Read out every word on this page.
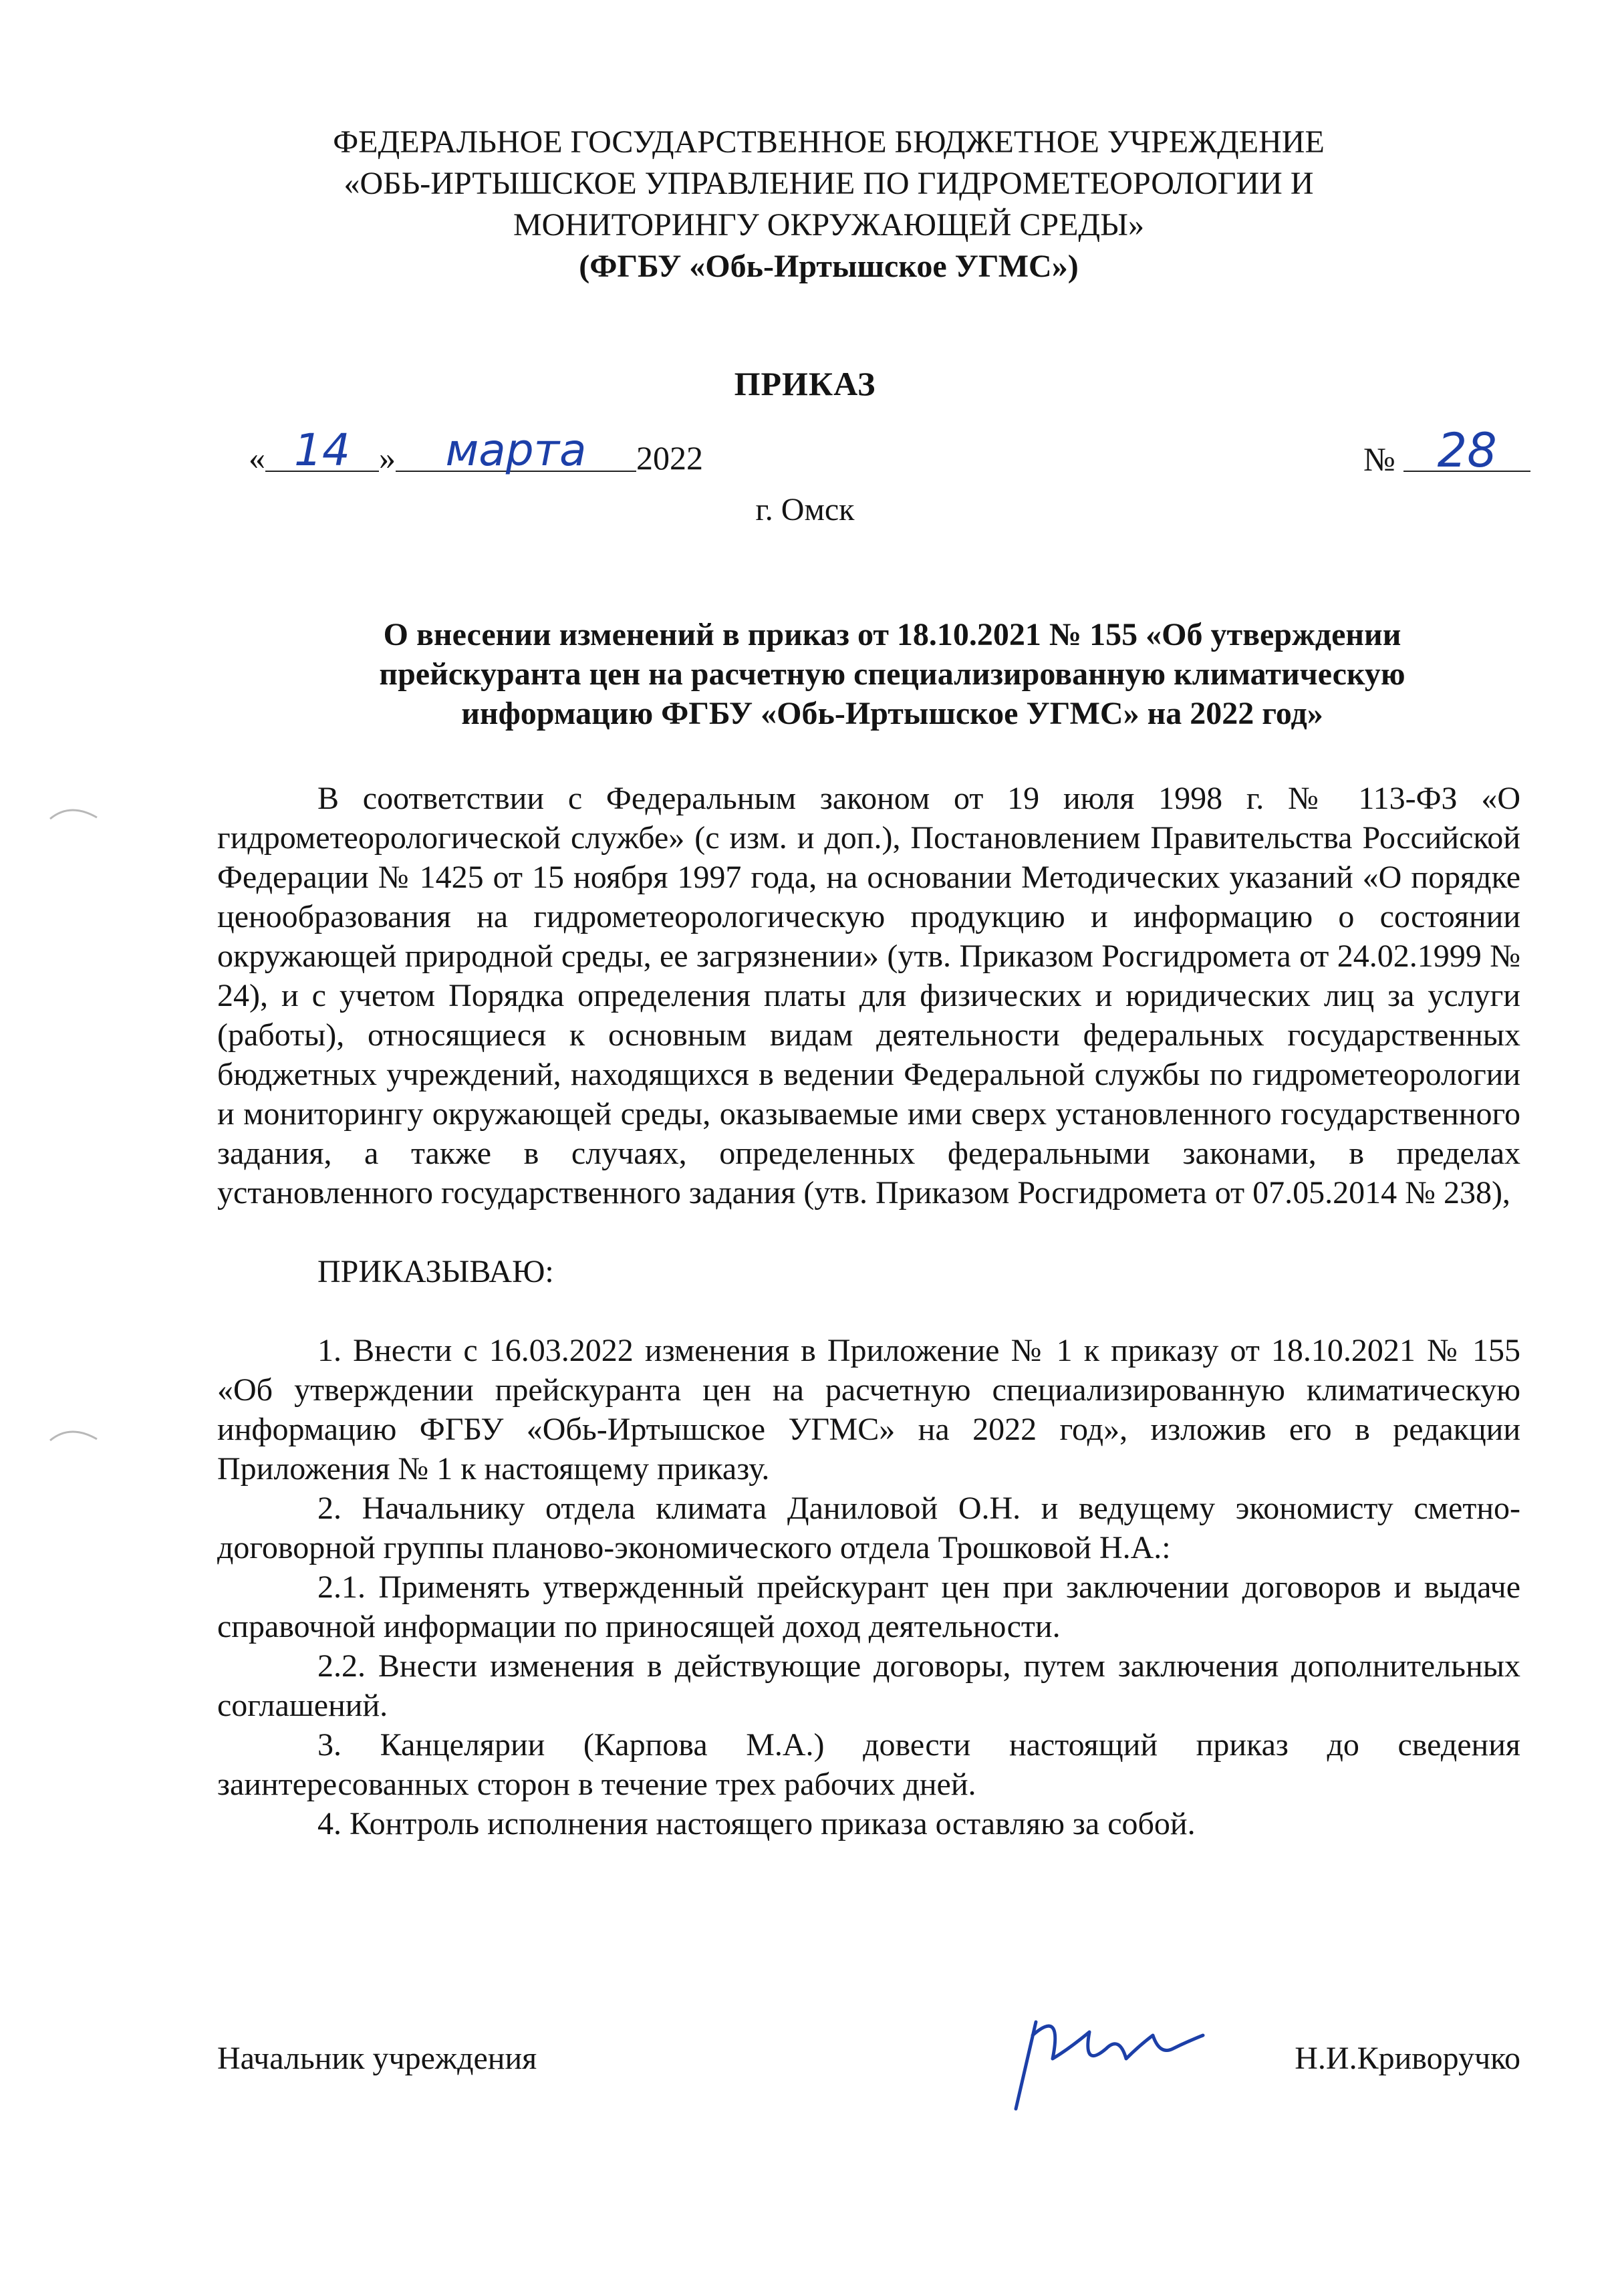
ФЕДЕРАЛЬНОЕ ГОСУДАРСТВЕННОЕ БЮДЖЕТНОЕ УЧРЕЖДЕНИЕ
«ОБЬ-ИРТЫШСКОЕ УПРАВЛЕНИЕ ПО ГИДРОМЕТЕОРОЛОГИИ И
МОНИТОРИНГУ ОКРУЖАЮЩЕЙ СРЕДЫ»
(ФГБУ «Обь-Иртышское УГМС»)
ПРИКАЗ
« 14 » марта 2022	№ 28
г. Омск
О внесении изменений в приказ от 18.10.2021 № 155 «Об утверждении
прейскуранта цен на расчетную специализированную климатическую
информацию ФГБУ «Обь-Иртышское УГМС» на 2022 год»

В соответствии с Федеральным законом от 19 июля 1998 г. № 113-ФЗ «О гидрометеорологической службе» (с изм. и доп.), Постановлением Правительства Российской Федерации № 1425 от 15 ноября 1997 года, на основании Методических указаний «О порядке ценообразования на гидрометеорологическую продукцию и информацию о состоянии окружающей природной среды, ее загрязнении» (утв. Приказом Росгидромета от 24.02.1999 № 24), и с учетом Порядка определения платы для физических и юридических лиц за услуги (работы), относящиеся к основным видам деятельности федеральных государственных бюджетных учреждений, находящихся в ведении Федеральной службы по гидрометеорологии и мониторингу окружающей среды, оказываемые ими сверх установленного государственного задания, а также в случаях, определенных федеральными законами, в пределах установленного государственного задания (утв. Приказом Росгидромета от 07.05.2014 № 238),

ПРИКАЗЫВАЮ:

1. Внести с 16.03.2022 изменения в Приложение № 1 к приказу от 18.10.2021 № 155 «Об утверждении прейскуранта цен на расчетную специализированную климатическую информацию ФГБУ «Обь-Иртышское УГМС» на 2022 год», изложив его в редакции Приложения № 1 к настоящему приказу.

2. Начальнику отдела климата Даниловой О.Н. и ведущему экономисту сметно-договорной группы планово-экономического отдела Трошковой Н.А.:

2.1. Применять утвержденный прейскурант цен при заключении договоров и выдаче справочной информации по приносящей доход деятельности.

2.2. Внести изменения в действующие договоры, путем заключения дополнительных соглашений.

3. Канцелярии (Карпова М.А.) довести настоящий приказ до сведения заинтересованных сторон в течение трех рабочих дней.

4. Контроль исполнения настоящего приказа оставляю за собой.

Начальник учреждения	Н.И.Криворучко
